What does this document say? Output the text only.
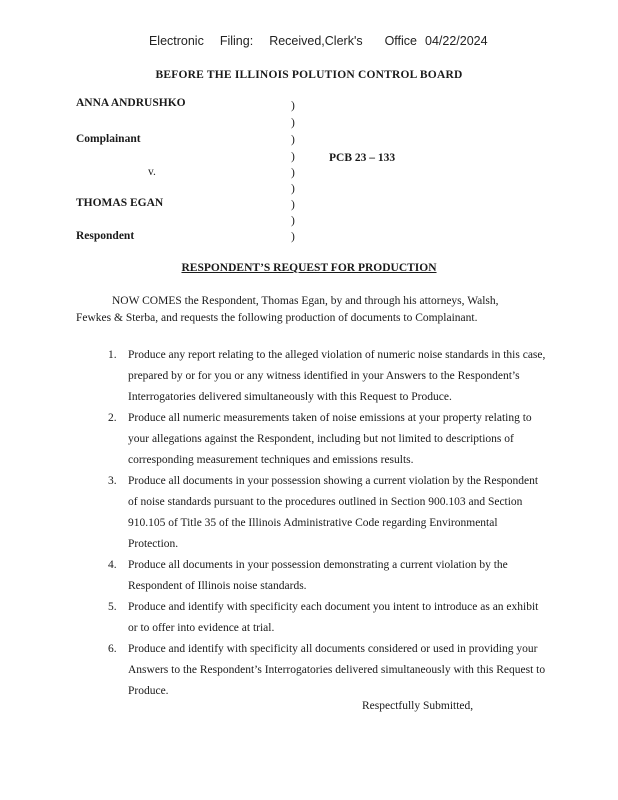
Electronic Filing: Received,Clerk's Office 04/22/2024

BEFORE THE ILLINOIS POLUTION CONTROL BOARD
ANNA ANDRUSHKO
Complainant
v.
THOMAS EGAN
Respondent
)
)
)
)
)
)
)
)
)
PCB 23 – 133
RESPONDENT’S REQUEST FOR PRODUCTION

NOW COMES the Respondent, Thomas Egan, by and through his attorneys, Walsh, Fewkes & Sterba, and requests the following production of documents to Complainant.

1. Produce any report relating to the alleged violation of numeric noise standards in this case, prepared by or for you or any witness identified in your Answers to the Respondent’s Interrogatories delivered simultaneously with this Request to Produce.
2. Produce all numeric measurements taken of noise emissions at your property relating to your allegations against the Respondent, including but not limited to descriptions of corresponding measurement techniques and emissions results.
3. Produce all documents in your possession showing a current violation by the Respondent of noise standards pursuant to the procedures outlined in Section 900.103 and Section 910.105 of Title 35 of the Illinois Administrative Code regarding Environmental Protection.
4. Produce all documents in your possession demonstrating a current violation by the Respondent of Illinois noise standards.
5. Produce and identify with specificity each document you intent to introduce as an exhibit or to offer into evidence at trial.
6. Produce and identify with specificity all documents considered or used in providing your Answers to the Respondent’s Interrogatories delivered simultaneously with this Request to Produce.
Respectfully Submitted,
